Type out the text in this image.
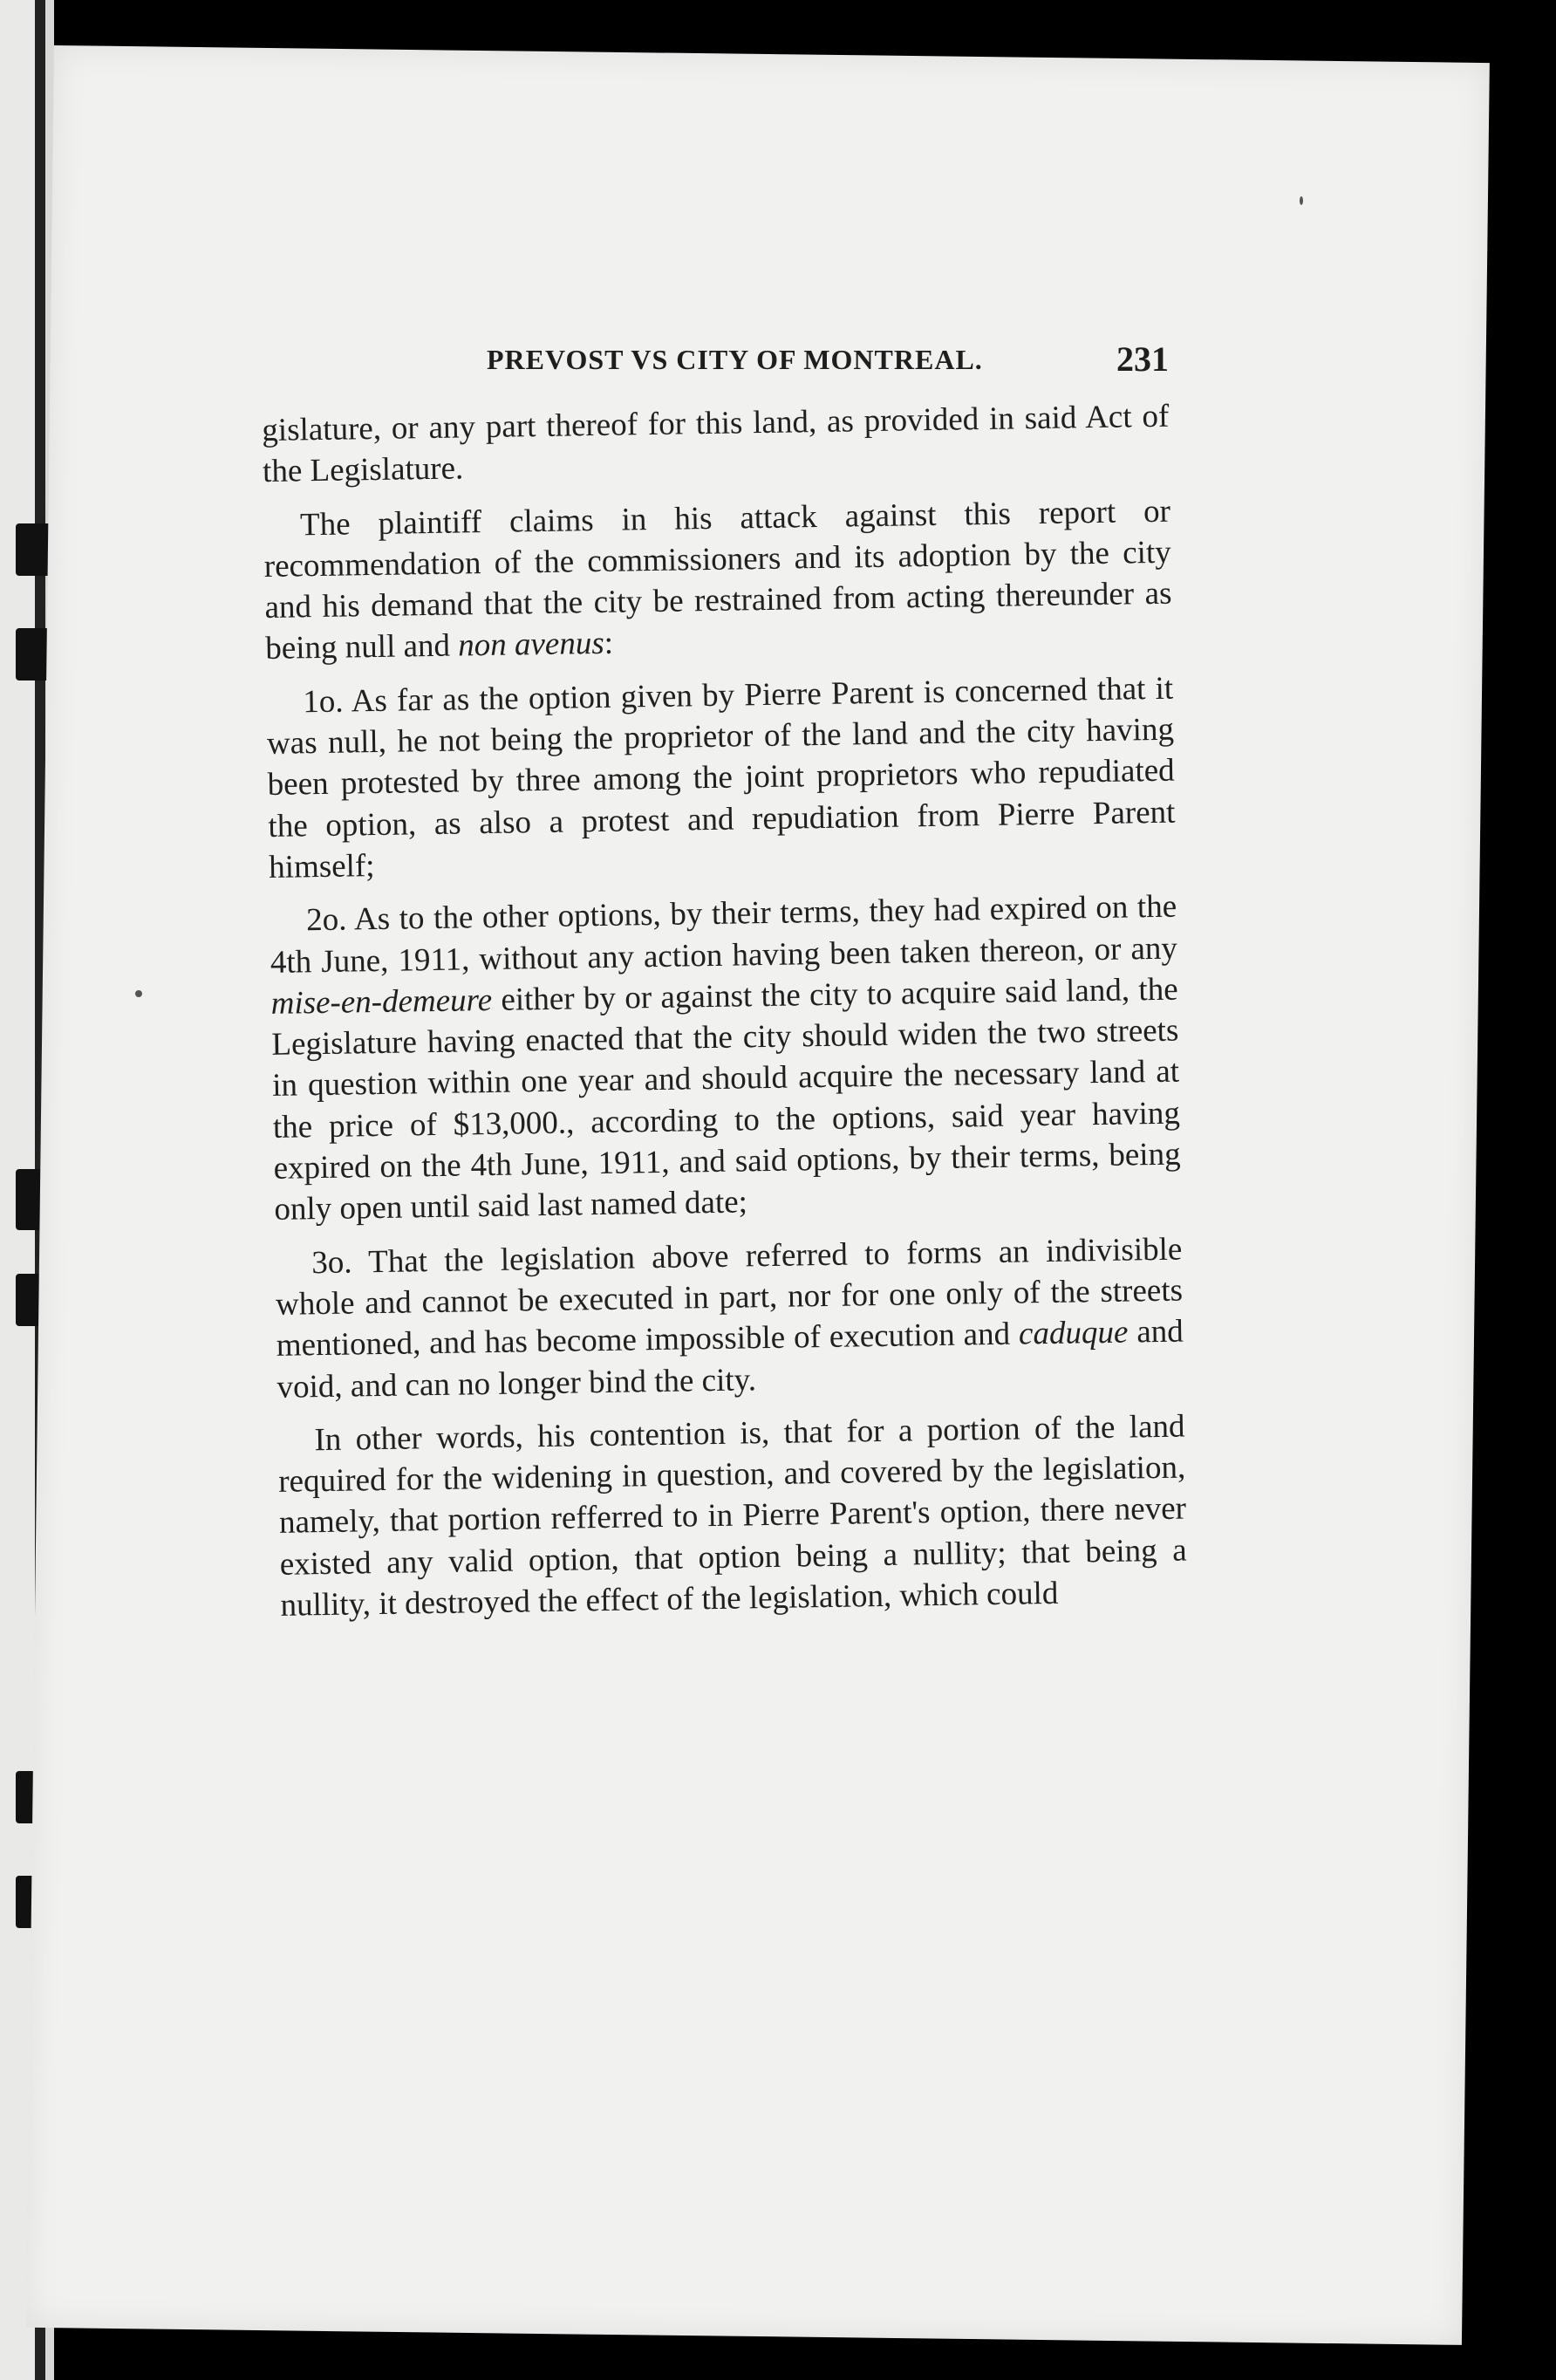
PREVOST VS CITY OF MONTREAL.	231

gislature, or any part thereof for this land, as provided in said Act of the Legislature.

The plaintiff claims in his attack against this report or recommendation of the commissioners and its adoption by the city and his demand that the city be restrained from acting thereunder as being null and non avenus:

1o. As far as the option given by Pierre Parent is concerned that it was null, he not being the proprietor of the land and the city having been protested by three among the joint proprietors who repudiated the option, as also a protest and repudiation from Pierre Parent himself;

2o. As to the other options, by their terms, they had expired on the 4th June, 1911, without any action having been taken thereon, or any mise-en-demeure either by or against the city to acquire said land, the Legislature having enacted that the city should widen the two streets in question within one year and should acquire the necessary land at the price of $13,000., according to the options, said year having expired on the 4th June, 1911, and said options, by their terms, being only open until said last named date;

3o. That the legislation above referred to forms an indivisible whole and cannot be executed in part, nor for one only of the streets mentioned, and has become impossible of execution and caduque and void, and can no longer bind the city.

In other words, his contention is, that for a portion of the land required for the widening in question, and covered by the legislation, namely, that portion refferred to in Pierre Parent's option, there never existed any valid option, that option being a nullity; that being a nullity, it destroyed the effect of the legislation, which could
